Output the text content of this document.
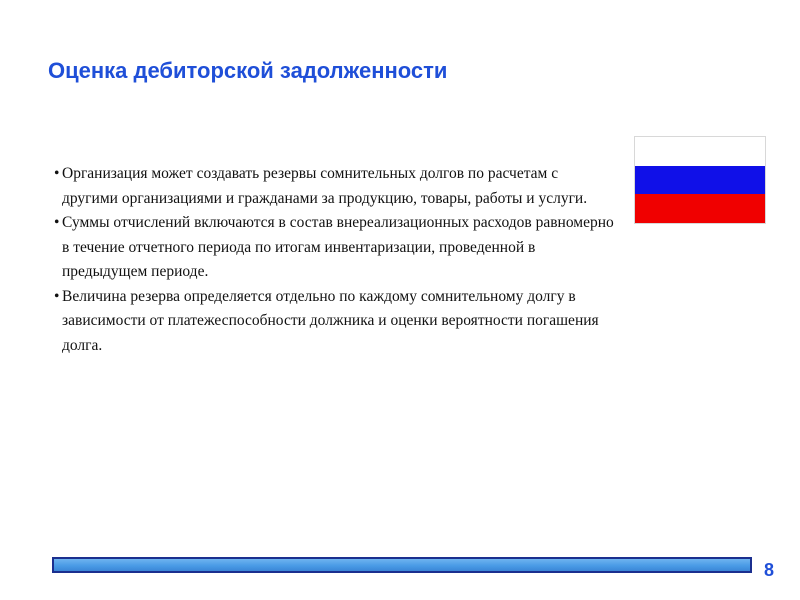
Оценка дебиторской задолженности
• Организация может создавать резервы сомнительных долгов по расчетам с другими организациями и гражданами за продукцию, товары, работы и услуги.
• Суммы отчислений включаются в состав внереализационных расходов равномерно в течение отчетного периода по итогам инвентаризации, проведенной в предыдущем периоде.
• Величина резерва определяется отдельно по каждому сомнительному долгу в зависимости от платежеспособности должника и оценки вероятности погашения долга.
8
